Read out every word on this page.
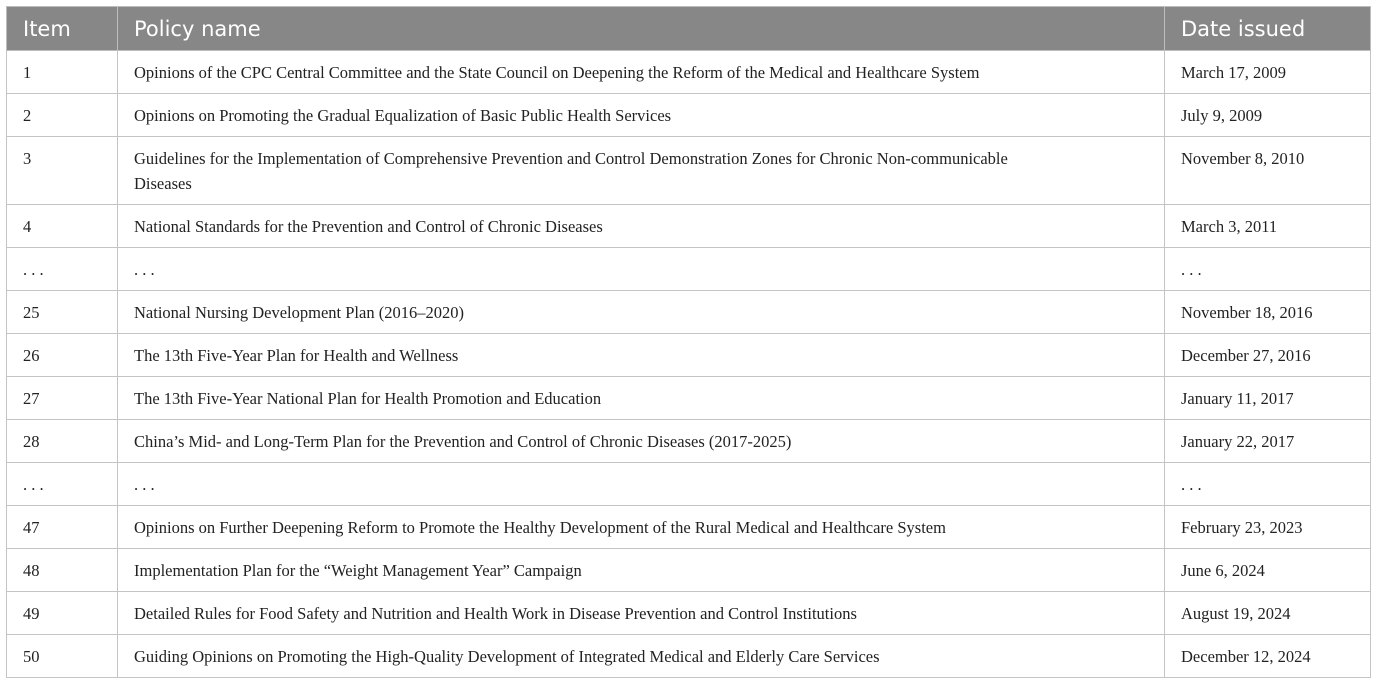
Item	Policy name	Date issued
1	Opinions of the CPC Central Committee and the State Council on Deepening the Reform of the Medical and Healthcare System	March 17, 2009
2	Opinions on Promoting the Gradual Equalization of Basic Public Health Services	July 9, 2009
3	Guidelines for the Implementation of Comprehensive Prevention and Control Demonstration Zones for Chronic Non-communicable Diseases	November 8, 2010
4	National Standards for the Prevention and Control of Chronic Diseases	March 3, 2011
. . .	. . .	. . .
25	National Nursing Development Plan (2016–2020)	November 18, 2016
26	The 13th Five-Year Plan for Health and Wellness	December 27, 2016
27	The 13th Five-Year National Plan for Health Promotion and Education	January 11, 2017
28	China’s Mid- and Long-Term Plan for the Prevention and Control of Chronic Diseases (2017-2025)	January 22, 2017
. . .	. . .	. . .
47	Opinions on Further Deepening Reform to Promote the Healthy Development of the Rural Medical and Healthcare System	February 23, 2023
48	Implementation Plan for the “Weight Management Year” Campaign	June 6, 2024
49	Detailed Rules for Food Safety and Nutrition and Health Work in Disease Prevention and Control Institutions	August 19, 2024
50	Guiding Opinions on Promoting the High-Quality Development of Integrated Medical and Elderly Care Services	December 12, 2024
